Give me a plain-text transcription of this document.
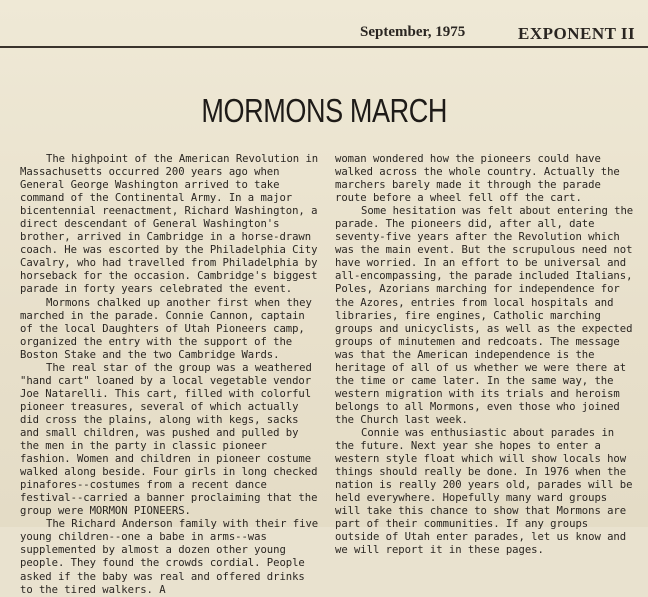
September, 1975	EXPONENT II
MORMONS MARCH

The highpoint of the American Revolution in Massachusetts occurred 200 years ago when General George Washington arrived to take command of the Continental Army. In a major bicentennial reenactment, Richard Washington, a direct descendant of General Washington's brother, arrived in Cambridge in a horse-drawn coach. He was escorted by the Philadelphia City Cavalry, who had travelled from Philadelphia by horseback for the occasion. Cambridge's biggest parade in forty years celebrated the event.

Mormons chalked up another first when they marched in the parade. Connie Cannon, captain of the local Daughters of Utah Pioneers camp, organized the entry with the support of the Boston Stake and the two Cambridge Wards.

The real star of the group was a weathered "hand cart" loaned by a local vegetable vendor Joe Natarelli. This cart, filled with colorful pioneer treasures, several of which actually did cross the plains, along with kegs, sacks and small children, was pushed and pulled by the men in the party in classic pioneer fashion. Women and children in pioneer costume walked along beside. Four girls in long checked pinafores--costumes from a recent dance festival--carried a banner proclaiming that the group were MORMON PIONEERS.

The Richard Anderson family with their five young children--one a babe in arms--was supplemented by almost a dozen other young people. They found the crowds cordial. People asked if the baby was real and offered drinks to the tired walkers. A

woman wondered how the pioneers could have walked across the whole country. Actually the marchers barely made it through the parade route before a wheel fell off the cart.

Some hesitation was felt about entering the parade. The pioneers did, after all, date seventy-five years after the Revolution which was the main event. But the scrupulous need not have worried. In an effort to be universal and all-encompassing, the parade included Italians, Poles, Azorians marching for independence for the Azores, entries from local hospitals and libraries, fire engines, Catholic marching groups and unicyclists, as well as the expected groups of minutemen and redcoats. The message was that the American independence is the heritage of all of us whether we were there at the time or came later. In the same way, the western migration with its trials and heroism belongs to all Mormons, even those who joined the Church last week.

Connie was enthusiastic about parades in the future. Next year she hopes to enter a western style float which will show locals how things should really be done. In 1976 when the nation is really 200 years old, parades will be held everywhere. Hopefully many ward groups will take this chance to show that Mormons are part of their communities. If any groups outside of Utah enter parades, let us know and we will report it in these pages.
